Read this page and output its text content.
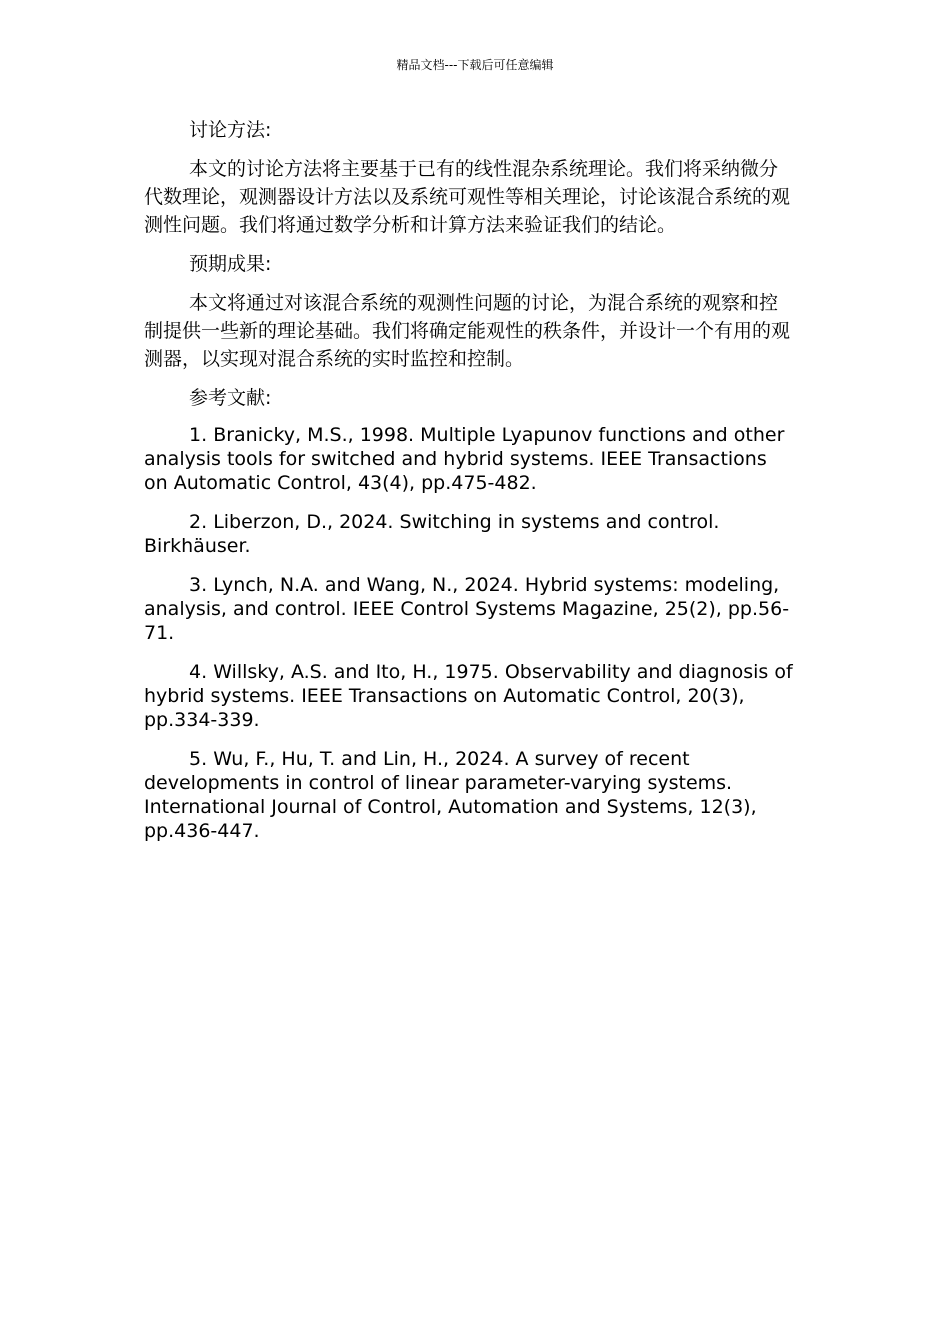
精品文档---下载后可任意编辑

讨论方法:

本文的讨论方法将主要基于已有的线性混杂系统理论。我们将采纳微分代数理论，观测器设计方法以及系统可观性等相关理论，讨论该混合系统的观测性问题。我们将通过数学分析和计算方法来验证我们的结论。

预期成果:

本文将通过对该混合系统的观测性问题的讨论，为混合系统的观察和控制提供一些新的理论基础。我们将确定能观性的秩条件，并设计一个有用的观测器，以实现对混合系统的实时监控和控制。

参考文献:

1. Branicky, M.S., 1998. Multiple Lyapunov functions and other analysis tools for switched and hybrid systems. IEEE Transactions on Automatic Control, 43(4), pp.475-482.

2. Liberzon, D., 2024. Switching in systems and control. Birkhäuser.

3. Lynch, N.A. and Wang, N., 2024. Hybrid systems: modeling, analysis, and control. IEEE Control Systems Magazine, 25(2), pp.56-71.

4. Willsky, A.S. and Ito, H., 1975. Observability and diagnosis of hybrid systems. IEEE Transactions on Automatic Control, 20(3), pp.334-339.

5. Wu, F., Hu, T. and Lin, H., 2024. A survey of recent developments in control of linear parameter-varying systems. International Journal of Control, Automation and Systems, 12(3), pp.436-447.
